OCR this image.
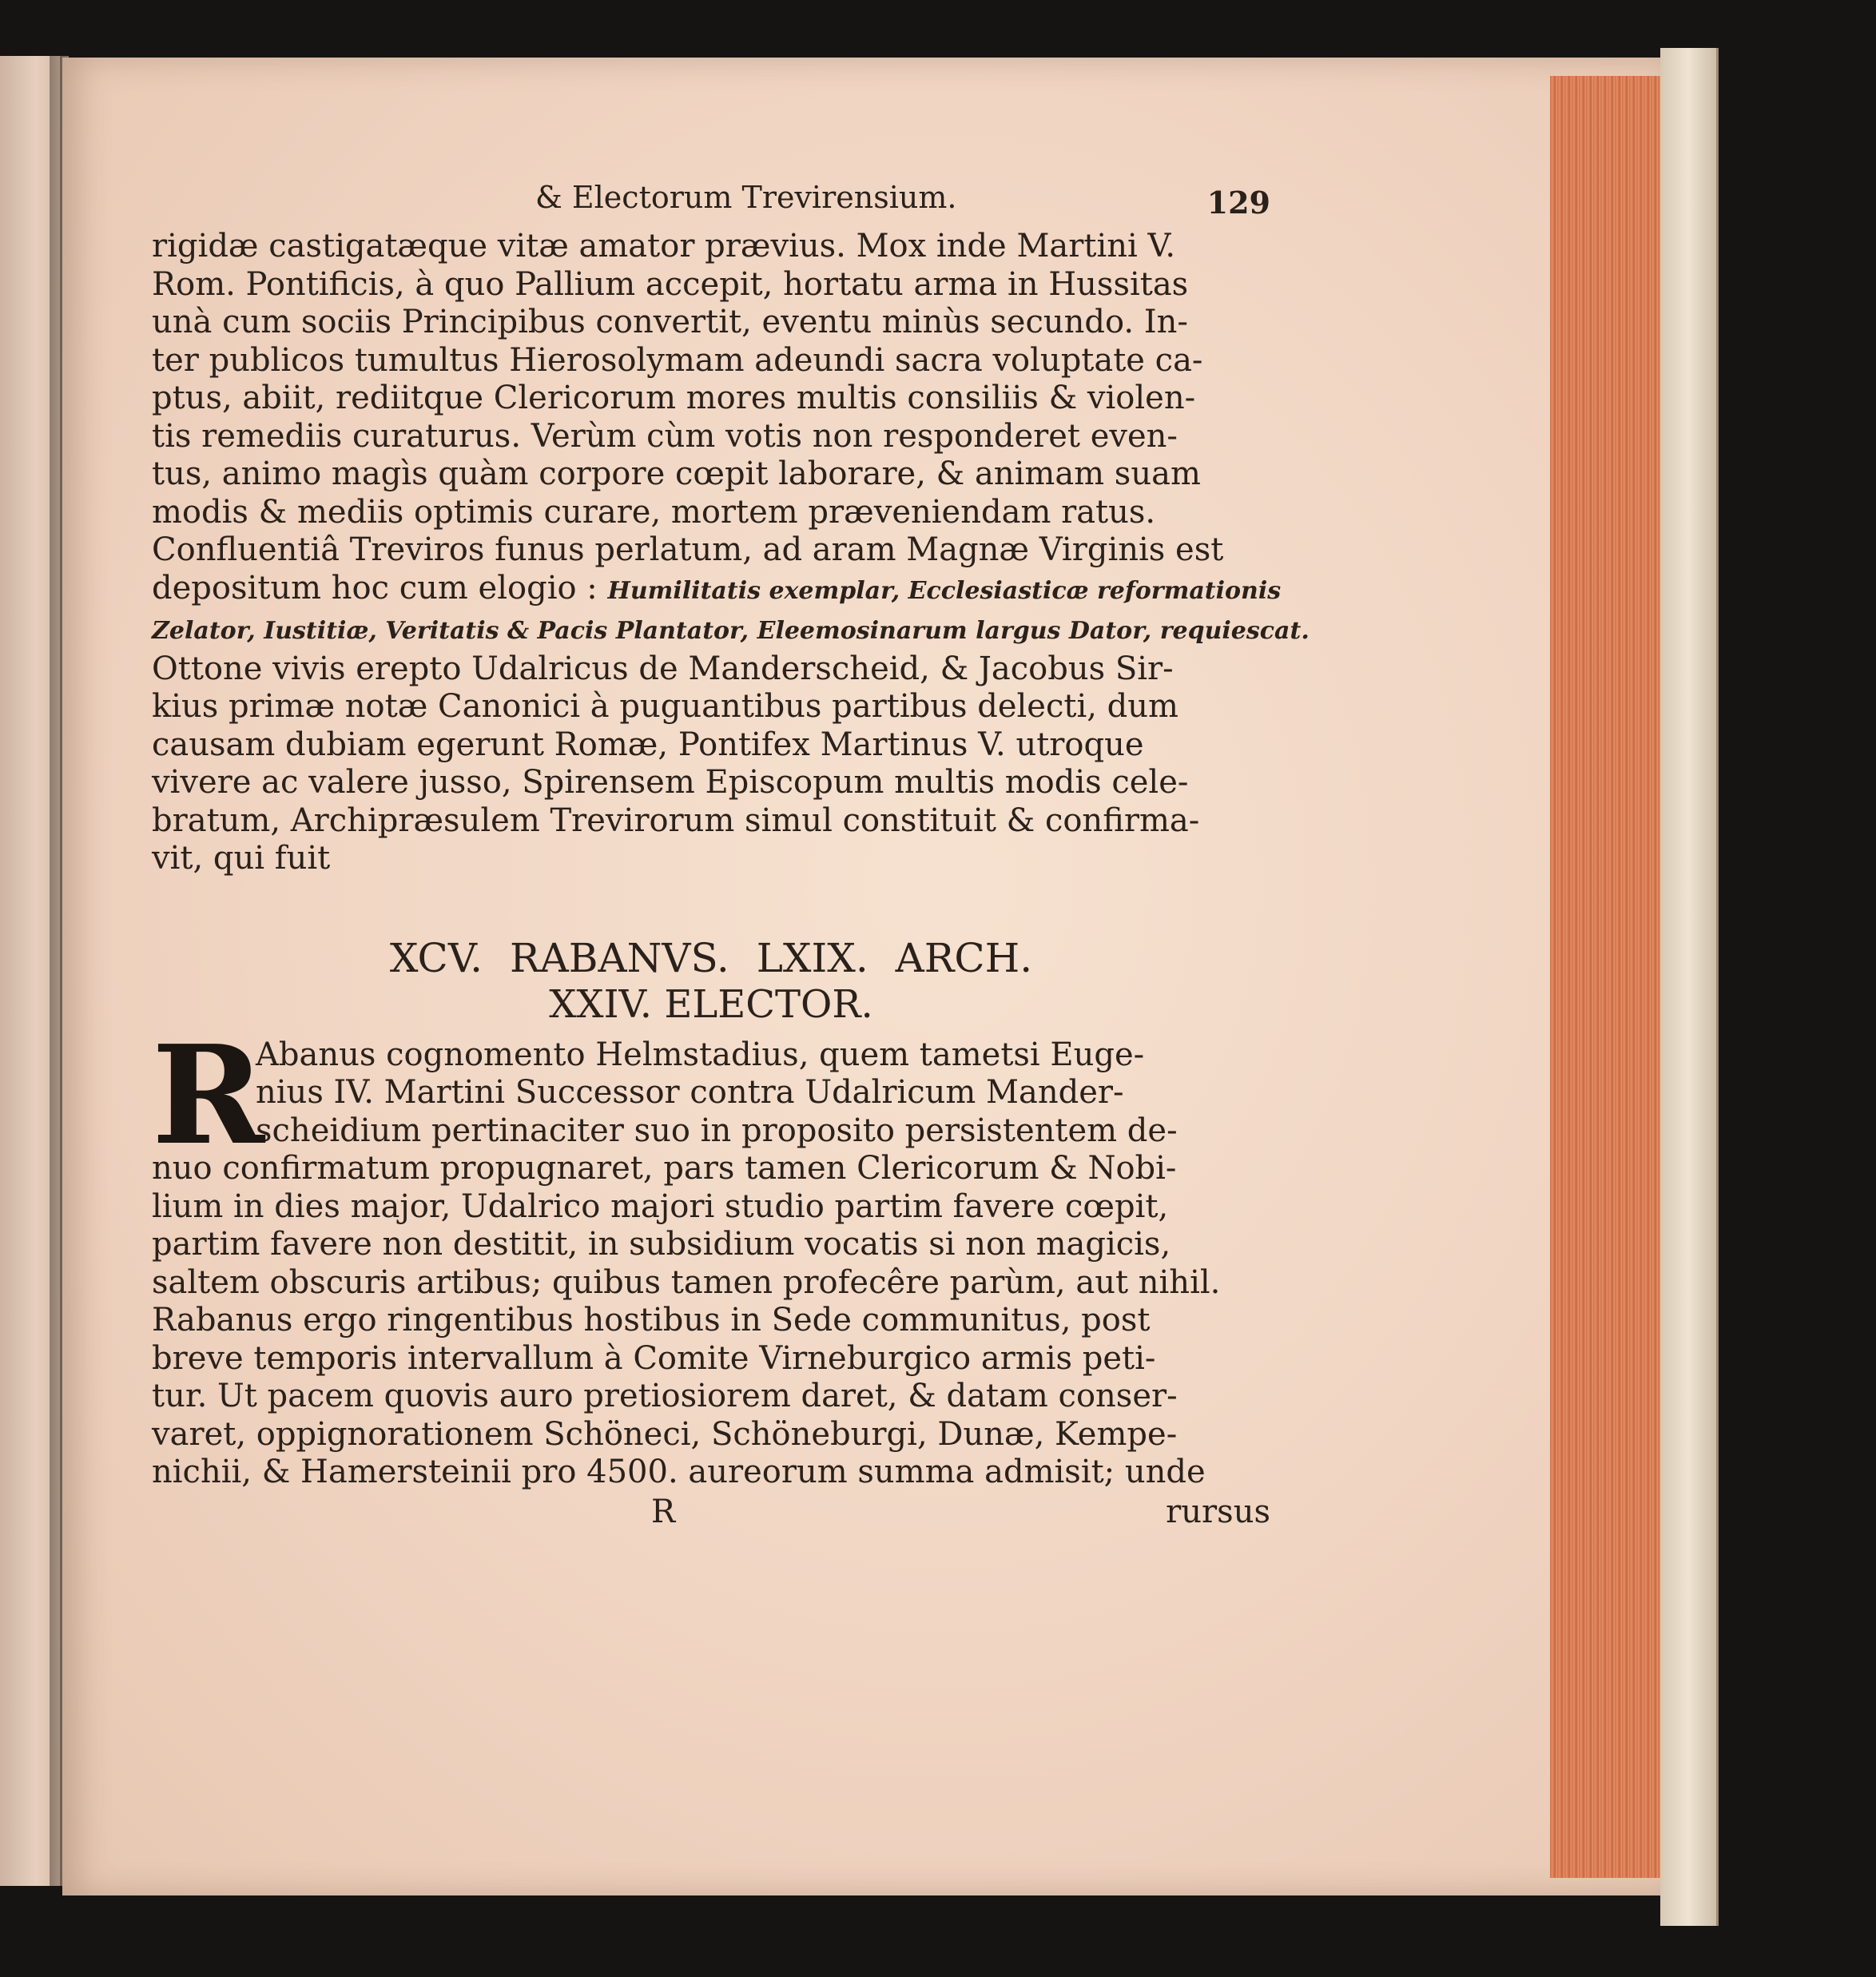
& Electorum Trevirensium.	129

rigidæ castigatæque vitæ amator prævius. Mox inde Martini V.
Rom. Pontificis, à quo Pallium accepit, hortatu arma in Hussitas
unà cum sociis Principibus convertit, eventu minùs secundo. In-
ter publicos tumultus Hierosolymam adeundi sacra voluptate ca-
ptus, abiit, rediitque Clericorum mores multis consiliis & violen-
tis remediis curaturus. Verùm cùm votis non responderet even-
tus, animo magìs quàm corpore cœpit laborare, & animam suam
modis & mediis optimis curare, mortem præveniendam ratus.
Confluentiâ Treviros funus perlatum, ad aram Magnæ Virginis est
depositum hoc cum elogio : Humilitatis exemplar, Ecclesiasticæ reformationis
Zelator, Iustitiæ, Veritatis & Pacis Plantator, Eleemosinarum largus Dator, requiescat.
Ottone vivis erepto Udalricus de Manderscheid, & Jacobus Sir-
kius primæ notæ Canonici à puguantibus partibus delecti, dum
causam dubiam egerunt Romæ, Pontifex Martinus V. utroque
vivere ac valere jusso, Spirensem Episcopum multis modis cele-
bratum, Archipræsulem Trevirorum simul constituit & confirma-
vit, qui fuit

XCV. RABANVS. LXIX. ARCH.
XXIV. ELECTOR.

R
Abanus cognomento Helmstadius, quem tametsi Euge-
nius IV. Martini Successor contra Udalricum Mander-
scheidium pertinaciter suo in proposito persistentem de-
nuo confirmatum propugnaret, pars tamen Clericorum & Nobi-
lium in dies major, Udalrico majori studio partim favere cœpit,
partim favere non destitit, in subsidium vocatis si non magicis,
saltem obscuris artibus; quibus tamen profecêre parùm, aut nihil.
Rabanus ergo ringentibus hostibus in Sede communitus, post
breve temporis intervallum à Comite Virneburgico armis peti-
tur. Ut pacem quovis auro pretiosiorem daret, & datam conser-
varet, oppignorationem Schöneci, Schöneburgi, Dunæ, Kempe-
nichii, & Hamersteinii pro 4500. aureorum summa admisit; unde

R	rursus
